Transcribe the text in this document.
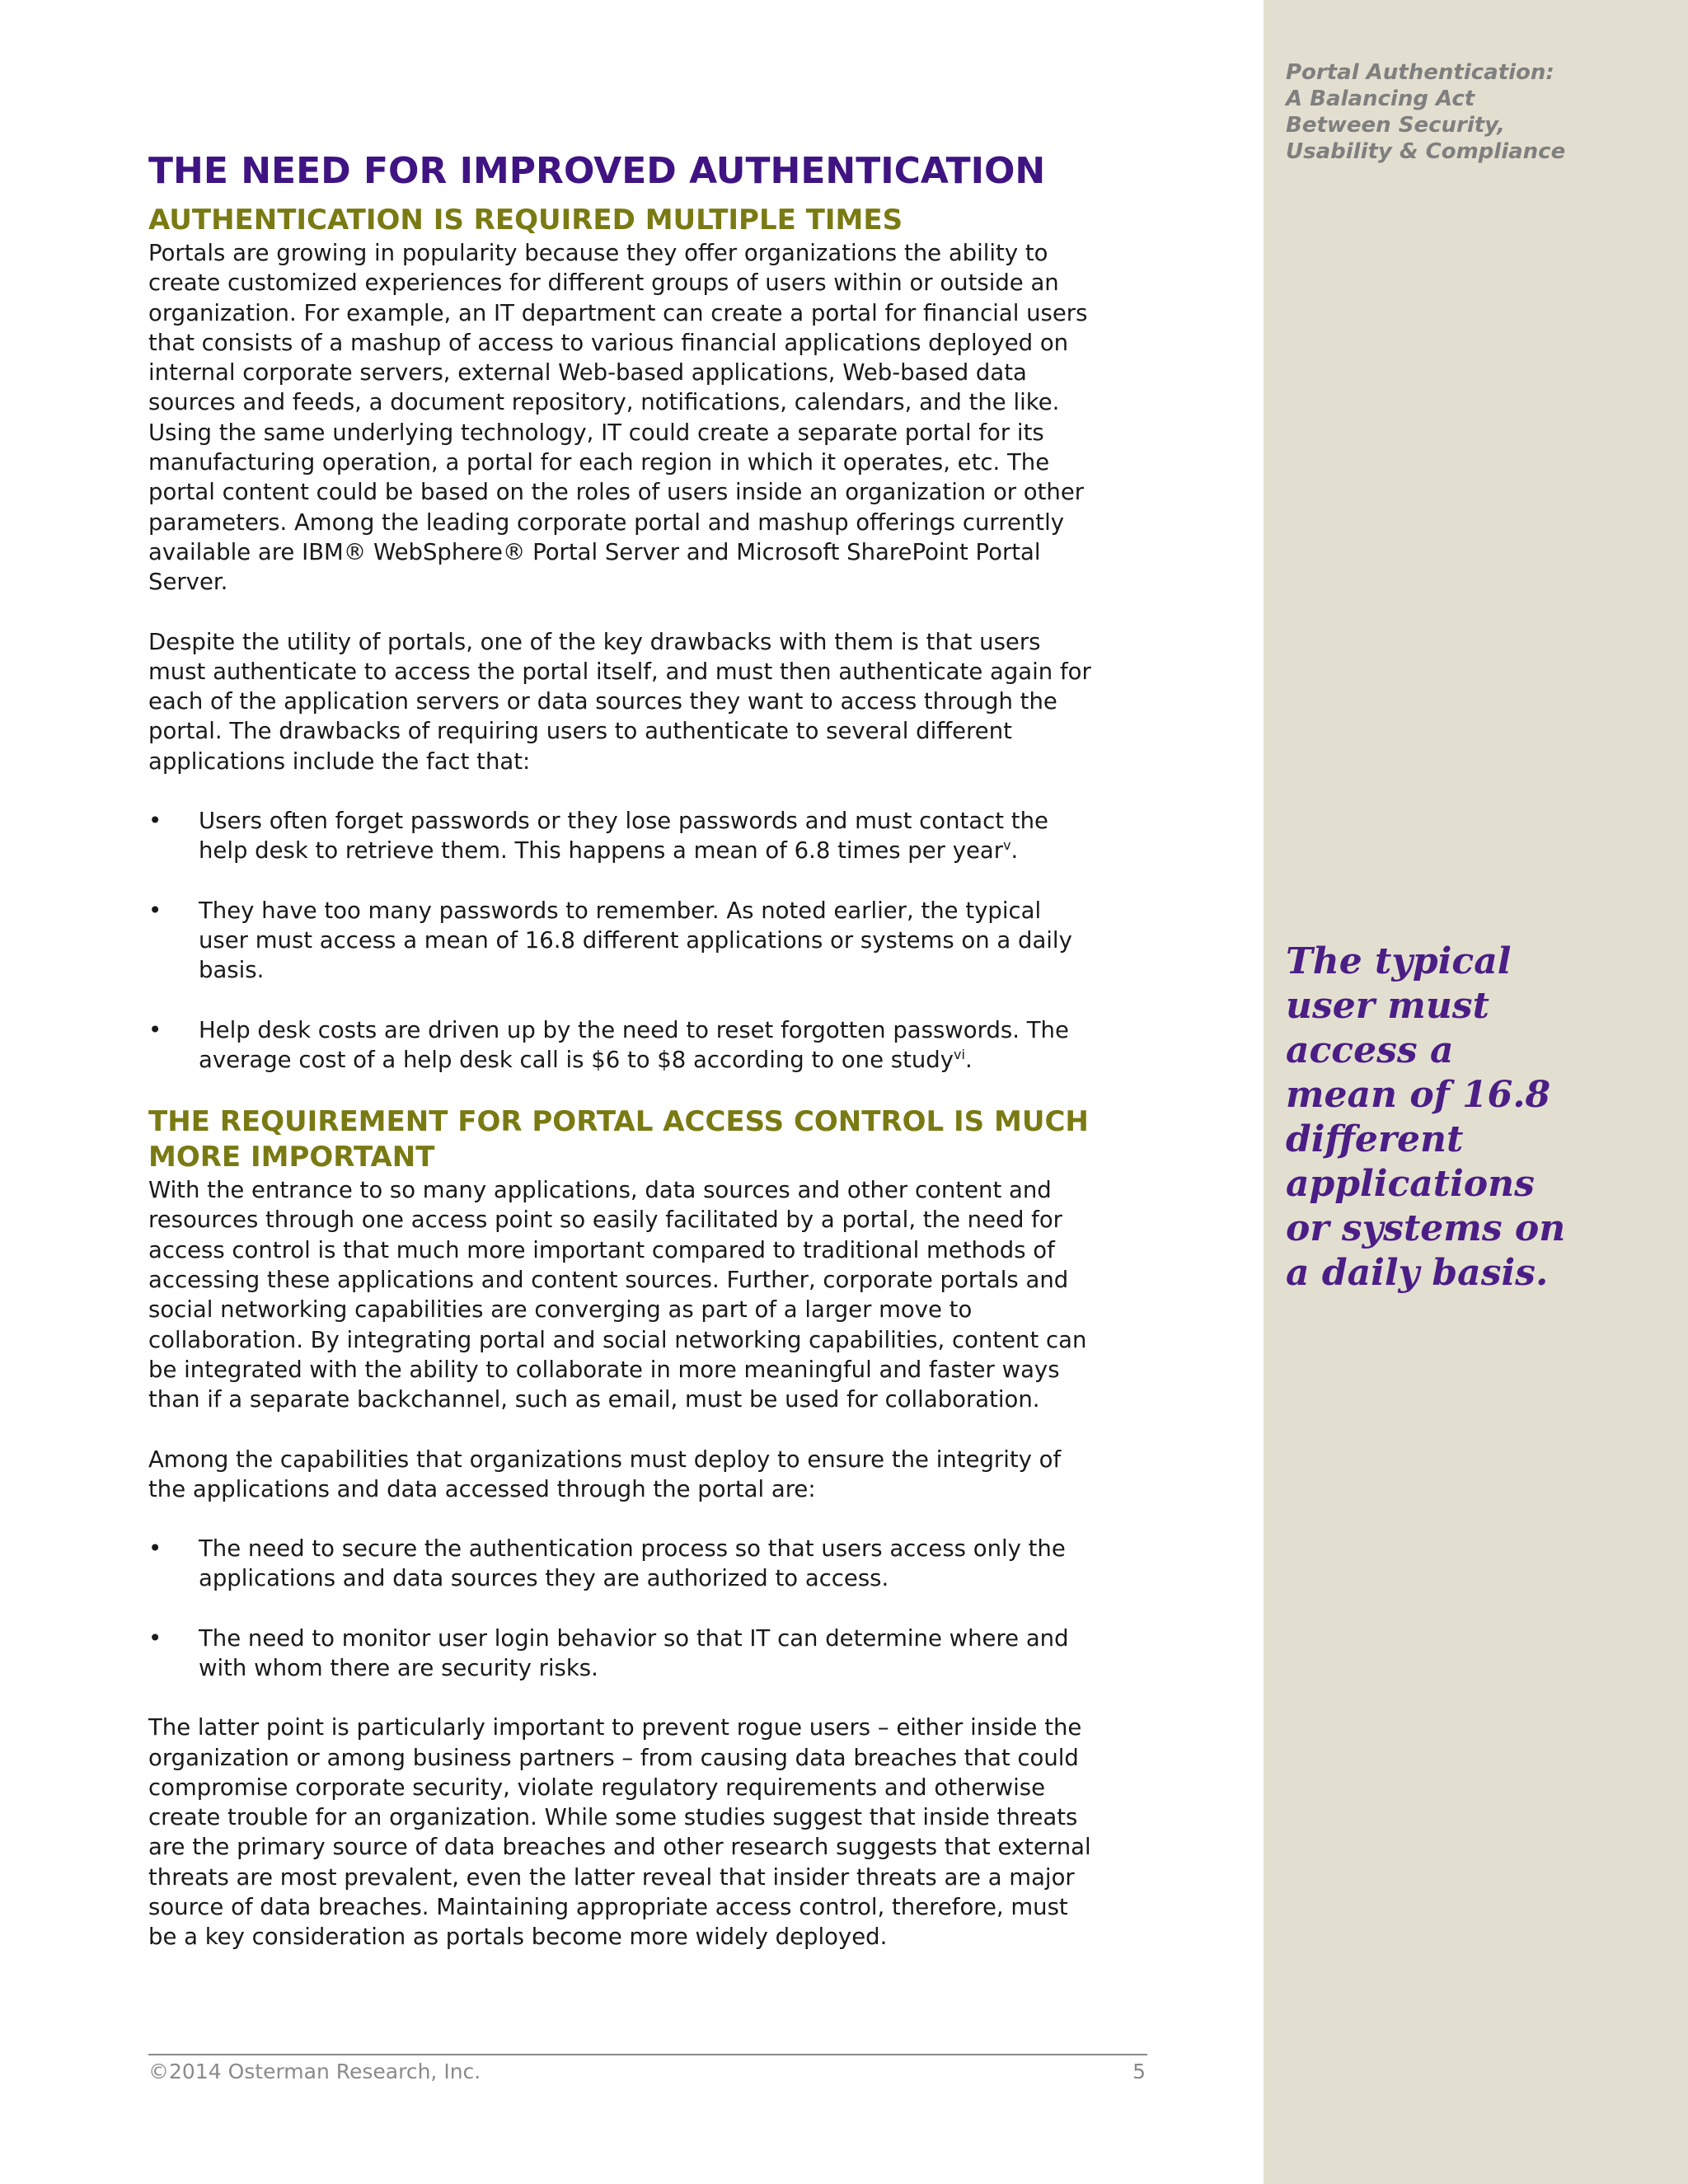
Portal Authentication: A Balancing Act Between Security, Usability & Compliance
The typical user must access a mean of 16.8 different applications or systems on a daily basis.
THE NEED FOR IMPROVED AUTHENTICATION
AUTHENTICATION IS REQUIRED MULTIPLE TIMES

Portals are growing in popularity because they offer organizations the ability to create customized experiences for different groups of users within or outside an organization. For example, an IT department can create a portal for financial users that consists of a mashup of access to various financial applications deployed on internal corporate servers, external Web-based applications, Web-based data sources and feeds, a document repository, notifications, calendars, and the like. Using the same underlying technology, IT could create a separate portal for its manufacturing operation, a portal for each region in which it operates, etc. The portal content could be based on the roles of users inside an organization or other parameters. Among the leading corporate portal and mashup offerings currently available are IBM® WebSphere® Portal Server and Microsoft SharePoint Portal Server.

Despite the utility of portals, one of the key drawbacks with them is that users must authenticate to access the portal itself, and must then authenticate again for each of the application servers or data sources they want to access through the portal. The drawbacks of requiring users to authenticate to several different applications include the fact that:

• Users often forget passwords or they lose passwords and must contact the help desk to retrieve them. This happens a mean of 6.8 times per year$^v$.
• They have too many passwords to remember. As noted earlier, the typical user must access a mean of 16.8 different applications or systems on a daily basis.
• Help desk costs are driven up by the need to reset forgotten passwords. The average cost of a help desk call is $6 to $8 according to one study$^{vi}$.
THE REQUIREMENT FOR PORTAL ACCESS CONTROL IS MUCH MORE IMPORTANT

With the entrance to so many applications, data sources and other content and resources through one access point so easily facilitated by a portal, the need for access control is that much more important compared to traditional methods of accessing these applications and content sources. Further, corporate portals and social networking capabilities are converging as part of a larger move to collaboration. By integrating portal and social networking capabilities, content can be integrated with the ability to collaborate in more meaningful and faster ways than if a separate backchannel, such as email, must be used for collaboration.

Among the capabilities that organizations must deploy to ensure the integrity of the applications and data accessed through the portal are:

• The need to secure the authentication process so that users access only the applications and data sources they are authorized to access.
• The need to monitor user login behavior so that IT can determine where and with whom there are security risks.

The latter point is particularly important to prevent rogue users – either inside the organization or among business partners – from causing data breaches that could compromise corporate security, violate regulatory requirements and otherwise create trouble for an organization. While some studies suggest that inside threats are the primary source of data breaches and other research suggests that external threats are most prevalent, even the latter reveal that insider threats are a major source of data breaches. Maintaining appropriate access control, therefore, must be a key consideration as portals become more widely deployed.

©2014 Osterman Research, Inc.	5
